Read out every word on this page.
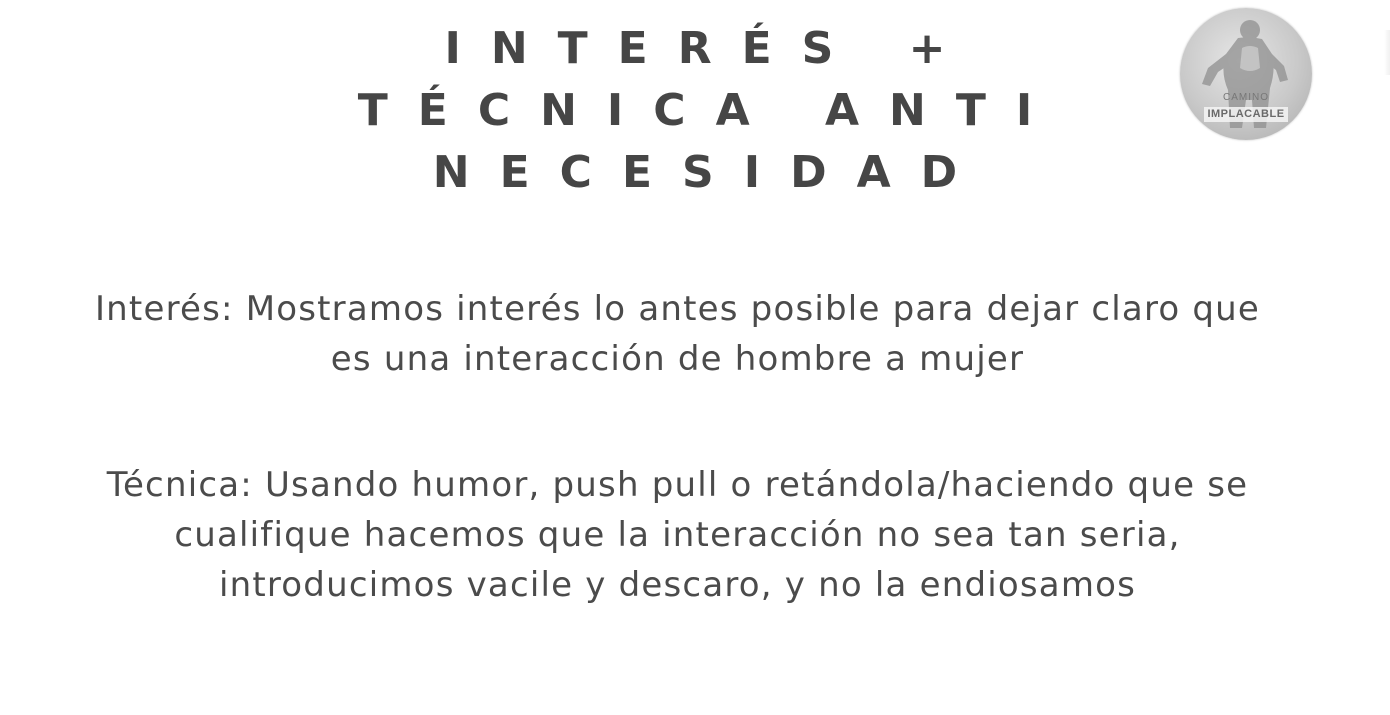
INTERÉS +
TÉCNICA ANTI
NECESIDAD
CAMINO
IMPLACABLE
Interés: Mostramos interés lo antes posible para dejar claro que
es una interacción de hombre a mujer
Técnica: Usando humor, push pull o retándola/haciendo que se
cualifique hacemos que la interacción no sea tan seria,
introducimos vacile y descaro, y no la endiosamos
